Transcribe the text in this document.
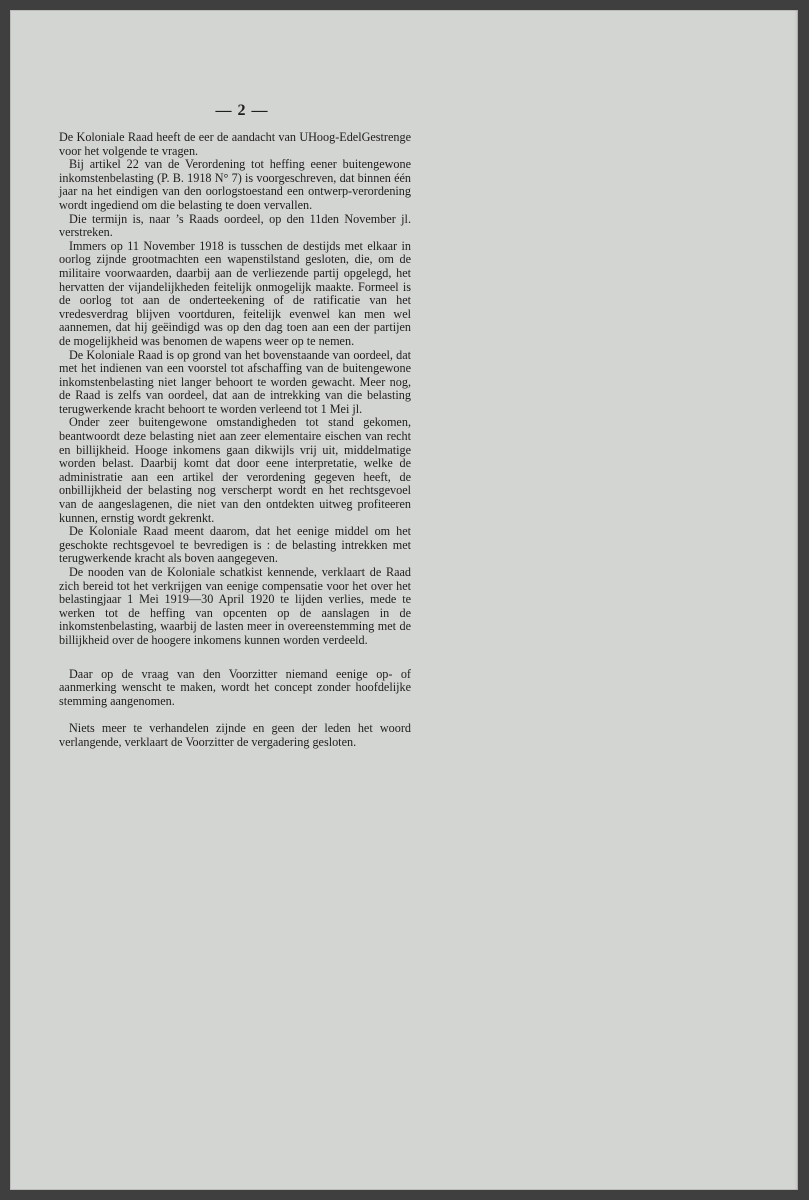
— 2 —

De Koloniale Raad heeft de eer de aandacht van UHoog-EdelGestrenge voor het volgende te vragen.

Bij artikel 22 van de Verordening tot heffing eener buitengewone inkomstenbelasting (P. B. 1918 N° 7) is voorgeschreven, dat binnen één jaar na het eindigen van den oorlogstoestand een ontwerp-verordening wordt ingediend om die belasting te doen vervallen.

Die termijn is, naar ’s Raads oordeel, op den 11den November jl. verstreken.

Immers op 11 November 1918 is tusschen de destijds met elkaar in oorlog zijnde grootmachten een wapenstilstand gesloten, die, om de militaire voorwaarden, daarbij aan de verliezende partij opgelegd, het hervatten der vijandelijkheden feitelijk onmogelijk maakte. Formeel is de oorlog tot aan de onderteekening of de ratificatie van het vredesverdrag blijven voortduren, feitelijk evenwel kan men wel aannemen, dat hij geëindigd was op den dag toen aan een der partijen de mogelijkheid was benomen de wapens weer op te nemen.

De Koloniale Raad is op grond van het bovenstaande van oordeel, dat met het indienen van een voorstel tot afschaffing van de buitengewone inkomstenbelasting niet langer behoort te worden gewacht. Meer nog, de Raad is zelfs van oordeel, dat aan de intrekking van die belasting terugwerkende kracht behoort te worden verleend tot 1 Mei jl.

Onder zeer buitengewone omstandigheden tot stand gekomen, beantwoordt deze belasting niet aan zeer elementaire eischen van recht en billijkheid. Hooge inkomens gaan dikwijls vrij uit, middelmatige worden belast. Daarbij komt dat door eene interpretatie, welke de administratie aan een artikel der verordening gegeven heeft, de onbillijkheid der belasting nog verscherpt wordt en het rechtsgevoel van de aangeslagenen, die niet van den ontdekten uitweg profiteeren kunnen, ernstig wordt gekrenkt.

De Koloniale Raad meent daarom, dat het eenige middel om het geschokte rechtsgevoel te bevredigen is : de belasting intrekken met terugwerkende kracht als boven aangegeven.

De nooden van de Koloniale schatkist kennende, verklaart de Raad zich bereid tot het verkrijgen van eenige compensatie voor het over het belastingjaar 1 Mei 1919—30 April 1920 te lijden verlies, mede te werken tot de heffing van opcenten op de aanslagen in de inkomstenbelasting, waarbij de lasten meer in overeenstemming met de billijkheid over de hoogere inkomens kunnen worden verdeeld.

Daar op de vraag van den Voorzitter niemand eenige op- of aanmerking wenscht te maken, wordt het concept zonder hoofdelijke stemming aangenomen.

Niets meer te verhandelen zijnde en geen der leden het woord verlangende, verklaart de Voorzitter de vergadering gesloten.
